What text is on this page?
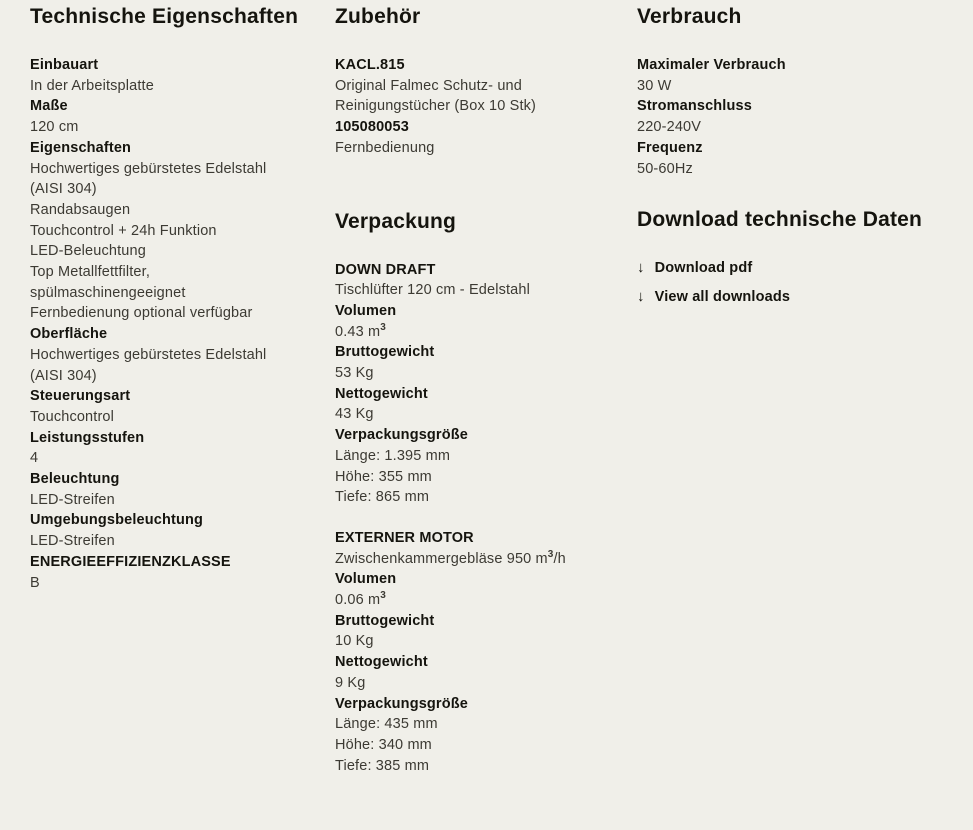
Technische Eigenschaften
Einbauart
In der Arbeitsplatte
Maße
120 cm
Eigenschaften
Hochwertiges gebürstetes Edelstahl (AISI 304)
Randabsaugen
Touchcontrol + 24h Funktion
LED-Beleuchtung
Top Metallfettfilter, spülmaschinengeeignet
Fernbedienung optional verfügbar
Oberfläche
Hochwertiges gebürstetes Edelstahl (AISI 304)
Steuerungsart
Touchcontrol
Leistungsstufen
4
Beleuchtung
LED-Streifen
Umgebungsbeleuchtung
LED-Streifen
ENERGIEEFFIZIENZKLASSE
B
Zubehör
KACL.815
Original Falmec Schutz- und Reinigungstücher (Box 10 Stk)
105080053
Fernbedienung
Verpackung
DOWN DRAFT
Tischlüfter 120 cm - Edelstahl
Volumen
0.43 $m^3$
Bruttogewicht
53 Kg
Nettogewicht
43 Kg
Verpackungsgröße
Länge: 1.395 mm
Höhe: 355 mm
Tiefe: 865 mm
EXTERNER MOTOR
Zwischenkammergebläse 950 $m^3/h$
Volumen
0.06 $m^3$
Bruttogewicht
10 Kg
Nettogewicht
9 Kg
Verpackungsgröße
Länge: 435 mm
Höhe: 340 mm
Tiefe: 385 mm
Verbrauch
Maximaler Verbrauch
30 W
Stromanschluss
220-240V
Frequenz
50-60Hz
Download technische Daten
↓ Download pdf
↓ View all downloads
